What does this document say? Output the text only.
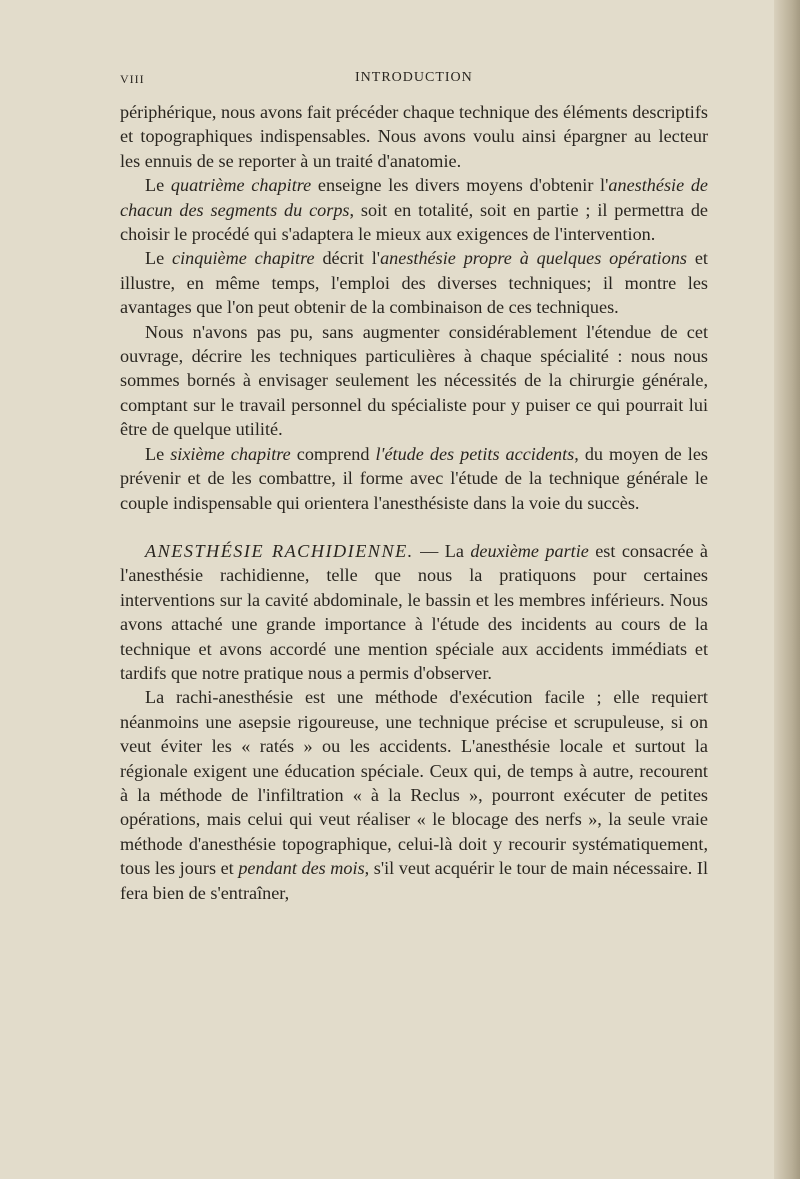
VIII	INTRODUCTION

périphérique, nous avons fait précéder chaque technique des éléments descriptifs et topographiques indispensables. Nous avons voulu ainsi épargner au lecteur les ennuis de se reporter à un traité d'anatomie.

Le quatrième chapitre enseigne les divers moyens d'obtenir l'anesthésie de chacun des segments du corps, soit en totalité, soit en partie ; il permettra de choisir le procédé qui s'adaptera le mieux aux exigences de l'intervention.

Le cinquième chapitre décrit l'anesthésie propre à quelques opérations et illustre, en même temps, l'emploi des diverses techniques; il montre les avantages que l'on peut obtenir de la combinaison de ces techniques.

Nous n'avons pas pu, sans augmenter considérablement l'étendue de cet ouvrage, décrire les techniques particulières à chaque spécialité : nous nous sommes bornés à envisager seulement les nécessités de la chirurgie générale, comptant sur le travail personnel du spécialiste pour y puiser ce qui pourrait lui être de quelque utilité.

Le sixième chapitre comprend l'étude des petits accidents, du moyen de les prévenir et de les combattre, il forme avec l'étude de la technique générale le couple indispensable qui orientera l'anesthésiste dans la voie du succès.

ANESTHÉSIE RACHIDIENNE. — La deuxième partie est consacrée à l'anesthésie rachidienne, telle que nous la pratiquons pour certaines interventions sur la cavité abdominale, le bassin et les membres inférieurs. Nous avons attaché une grande importance à l'étude des incidents au cours de la technique et avons accordé une mention spéciale aux accidents immédiats et tardifs que notre pratique nous a permis d'observer.

La rachi-anesthésie est une méthode d'exécution facile ; elle requiert néanmoins une asepsie rigoureuse, une technique précise et scrupuleuse, si on veut éviter les « ratés » ou les accidents. L'anesthésie locale et surtout la régionale exigent une éducation spéciale. Ceux qui, de temps à autre, recourent à la méthode de l'infiltration « à la Reclus », pourront exécuter de petites opérations, mais celui qui veut réaliser « le blocage des nerfs », la seule vraie méthode d'anesthésie topographique, celui-là doit y recourir systématiquement, tous les jours et pendant des mois, s'il veut acquérir le tour de main nécessaire. Il fera bien de s'entraîner,
